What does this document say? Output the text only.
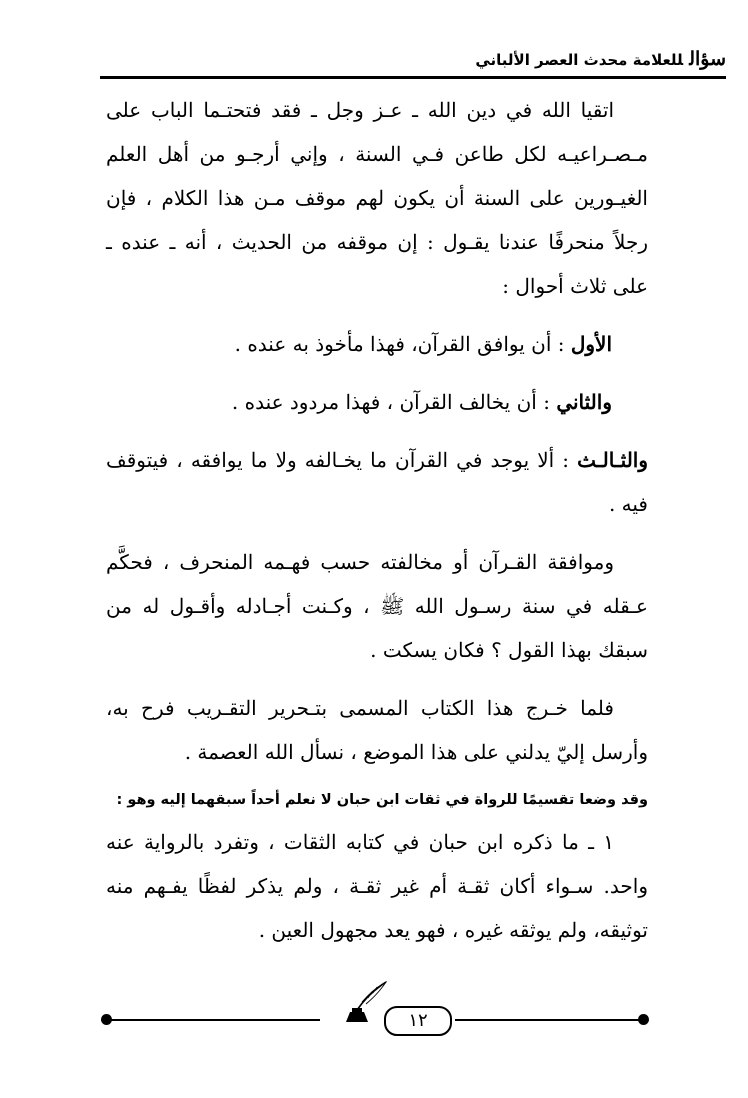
سؤالللعلامة محدث العصر الألباني

اتقيا الله في دين الله ـ عـز وجل ـ فقد فتحتـما الباب على مـصـراعيـه لكل طاعن فـي السنة ، وإني أرجـو من أهل العلم الغيـورين على السنة أن يكون لهم موقف مـن هذا الكلام ، فإن رجلاً منحرفًا عندنا يقـول : إن موقفه من الحديث ، أنه ـ عنده ـ على ثلاث أحوال :

الأول : أن يوافق القرآن، فهذا مأخوذ به عنده .

والثاني : أن يخالف القرآن ، فهذا مردود عنده .

والثـالـث : ألا يوجد في القرآن ما يخـالفه ولا ما يوافقه ، فيتوقف فيه .

وموافقة القـرآن أو مخالفته حسب فهـمه المنحرف ، فحكَّم عـقله في سنة رسـول الله ﷺ ، وكـنت أجـادله وأقـول له من سبقك بهذا القول ؟ فكان يسكت .

فلما خـرج هذا الكتاب المسمى بتـحرير التقـريب فرح به، وأرسل إليّ يدلني على هذا الموضع ، نسأل الله العصمة .

وقد وضعا تقسيمًا للرواة في ثقات ابن حبان لا نعلم أحداً سبقهما إليه وهو :

١ ـ ما ذكره ابن حبان في كتابه الثقات ، وتفرد بالرواية عنه واحد. سـواء أكان ثقـة أم غير ثقـة ، ولم يذكر لفظًا يفـهم منه توثيقه، ولم يوثقه غيره ، فهو يعد مجهول العين .

١٢
